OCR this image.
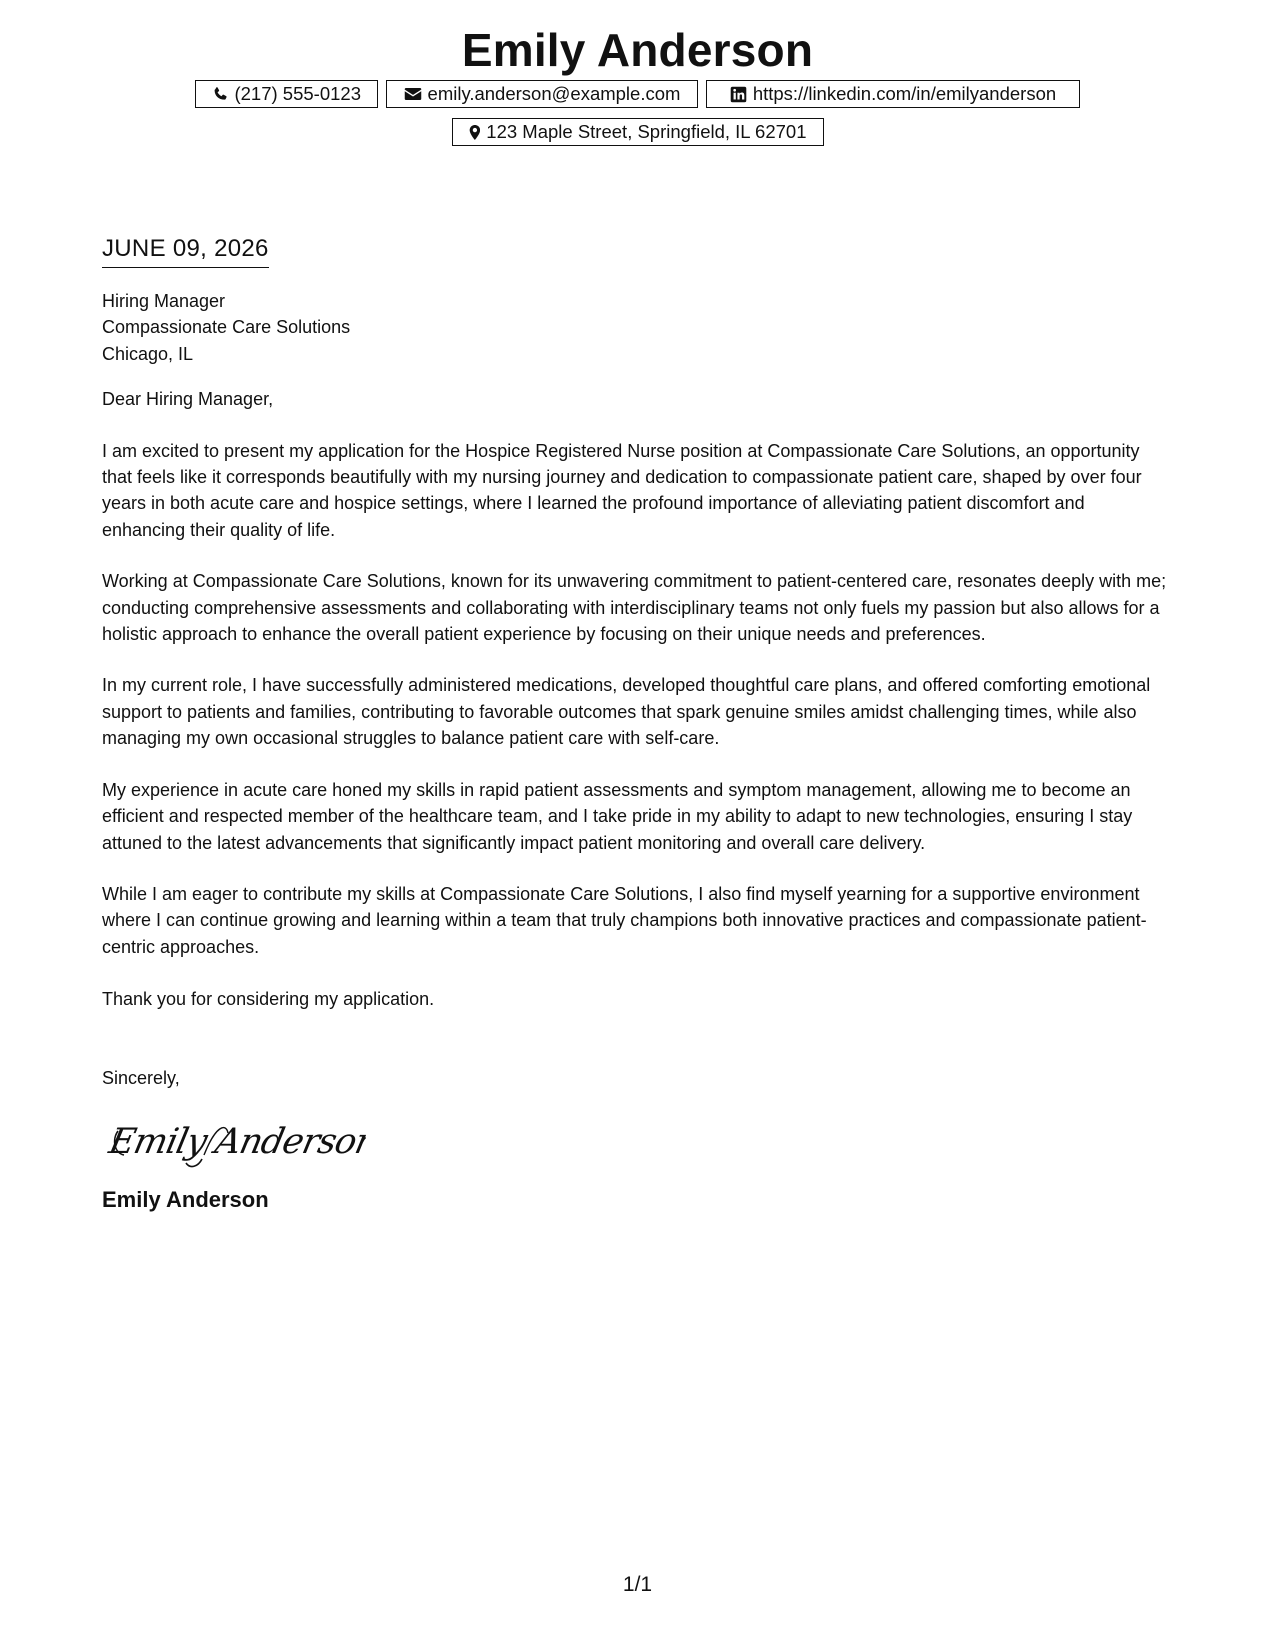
Emily Anderson
(217) 555-0123	emily.anderson@example.com	https://linkedin.com/in/emilyanderson
123 Maple Street, Springfield, IL 62701
JUNE 09, 2026
Hiring Manager
Compassionate Care Solutions
Chicago, IL
Dear Hiring Manager,

I am excited to present my application for the Hospice Registered Nurse position at Compassionate Care Solutions, an opportunity that feels like it corresponds beautifully with my nursing journey and dedication to compassionate patient care, shaped by over four years in both acute care and hospice settings, where I learned the profound importance of alleviating patient discomfort and enhancing their quality of life.

Working at Compassionate Care Solutions, known for its unwavering commitment to patient-centered care, resonates deeply with me; conducting comprehensive assessments and collaborating with interdisciplinary teams not only fuels my passion but also allows for a holistic approach to enhance the overall patient experience by focusing on their unique needs and preferences.

In my current role, I have successfully administered medications, developed thoughtful care plans, and offered comforting emotional support to patients and families, contributing to favorable outcomes that spark genuine smiles amidst challenging times, while also managing my own occasional struggles to balance patient care with self-care.

My experience in acute care honed my skills in rapid patient assessments and symptom management, allowing me to become an efficient and respected member of the healthcare team, and I take pride in my ability to adapt to new technologies, ensuring I stay attuned to the latest advancements that significantly impact patient monitoring and overall care delivery.

While I am eager to contribute my skills at Compassionate Care Solutions, I also find myself yearning for a supportive environment where I can continue growing and learning within a team that truly champions both innovative practices and compassionate patient-centric approaches.

Thank you for considering my application.
Sincerely,
Emily Anderson
Emily Anderson
1/1
